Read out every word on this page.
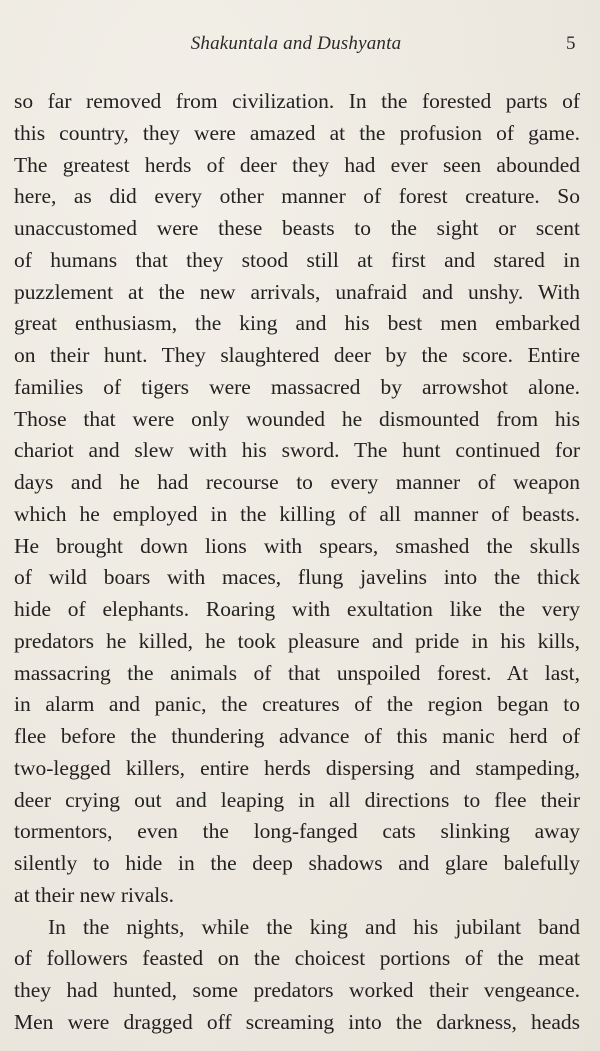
Shakuntala and Dushyanta	5
so far removed from civilization. In the forested parts of
this country, they were amazed at the profusion of game.
The greatest herds of deer they had ever seen abounded
here, as did every other manner of forest creature. So
unaccustomed were these beasts to the sight or scent
of humans that they stood still at first and stared in
puzzlement at the new arrivals, unafraid and unshy. With
great enthusiasm, the king and his best men embarked
on their hunt. They slaughtered deer by the score. Entire
families of tigers were massacred by arrowshot alone.
Those that were only wounded he dismounted from his
chariot and slew with his sword. The hunt continued for
days and he had recourse to every manner of weapon
which he employed in the killing of all manner of beasts.
He brought down lions with spears, smashed the skulls
of wild boars with maces, flung javelins into the thick
hide of elephants. Roaring with exultation like the very
predators he killed, he took pleasure and pride in his kills,
massacring the animals of that unspoiled forest. At last,
in alarm and panic, the creatures of the region began to
flee before the thundering advance of this manic herd of
two-legged killers, entire herds dispersing and stampeding,
deer crying out and leaping in all directions to flee their
tormentors, even the long-fanged cats slinking away
silently to hide in the deep shadows and glare balefully
at their new rivals.
In the nights, while the king and his jubilant band
of followers feasted on the choicest portions of the meat
they had hunted, some predators worked their vengeance.
Men were dragged off screaming into the darkness, heads
